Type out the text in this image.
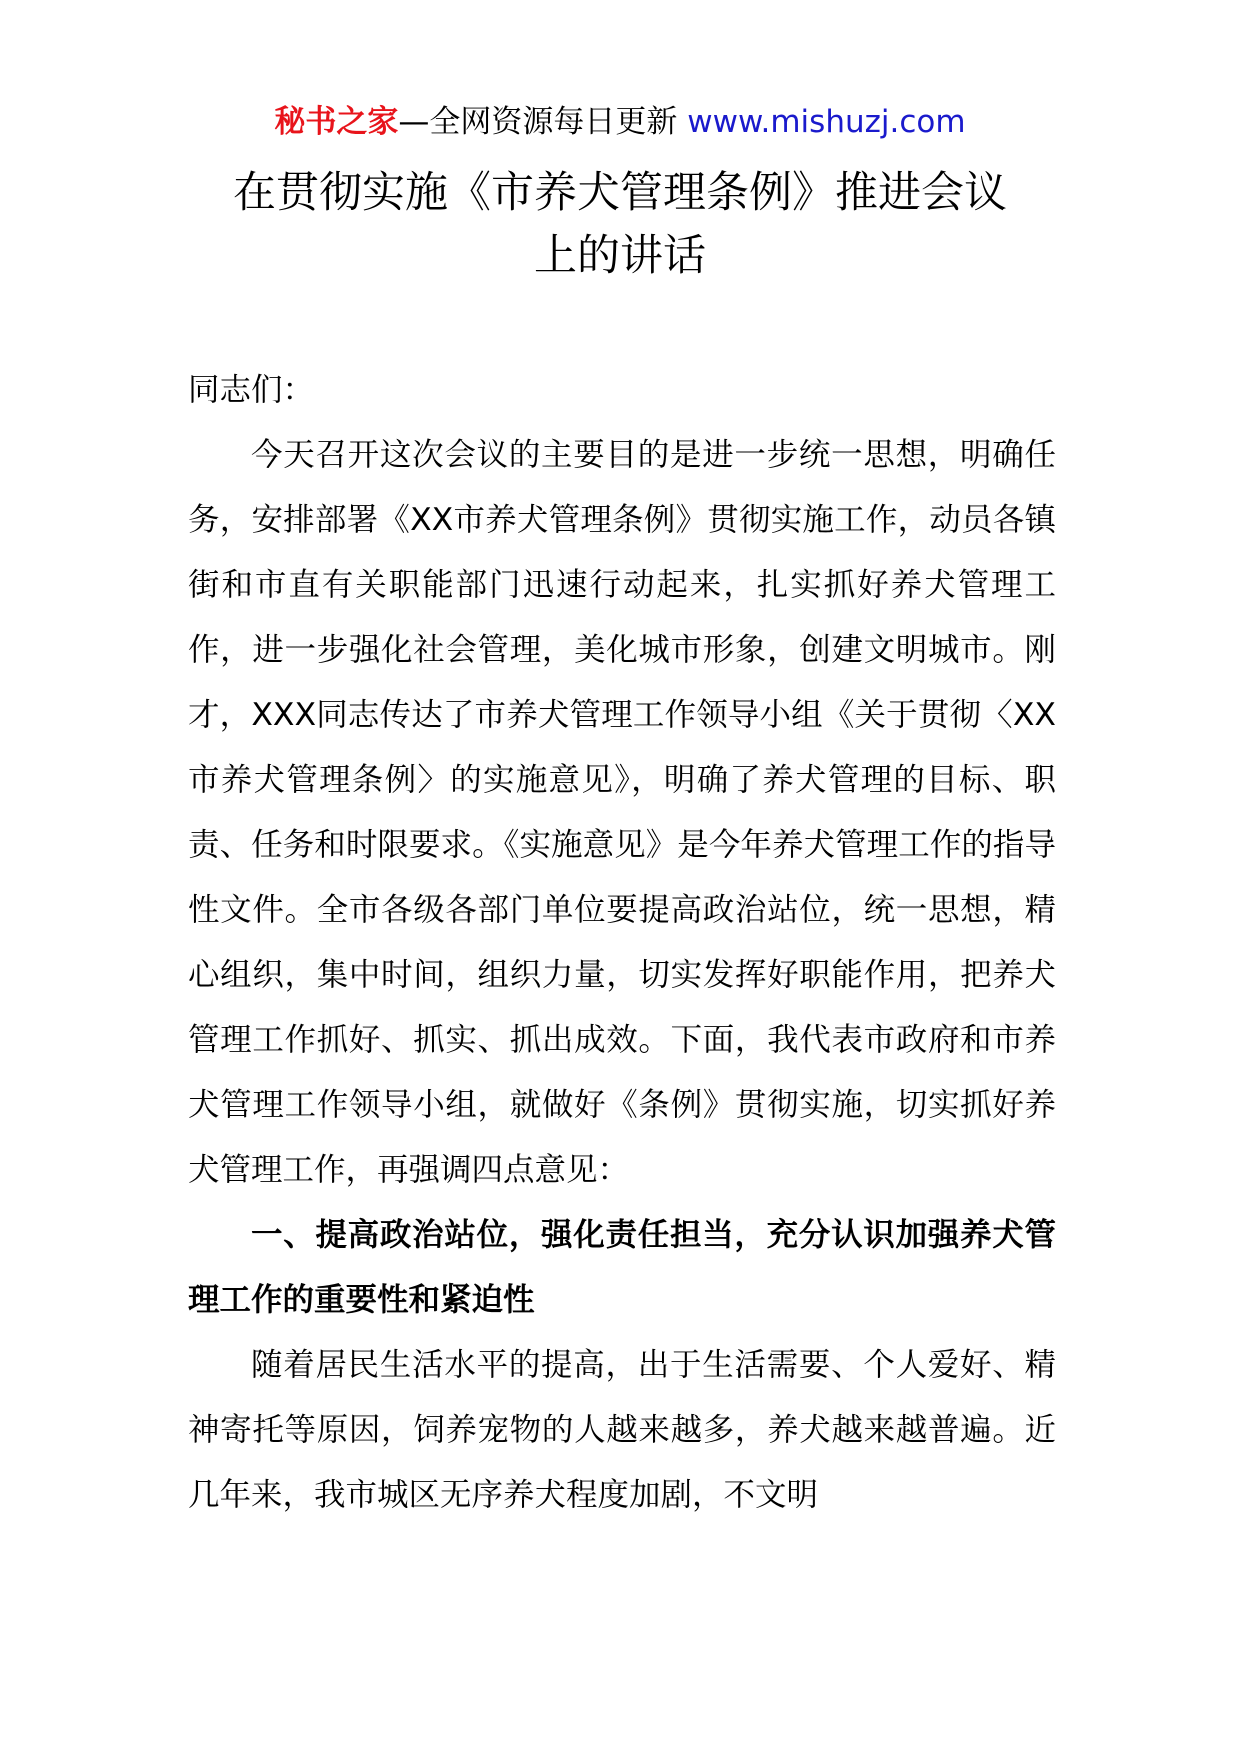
秘书之家—全网资源每日更新 www.mishuzj.com
在贯彻实施《市养犬管理条例》推进会议
上的讲话

同志们：

今天召开这次会议的主要目的是进一步统一思想，明确任务，安排部署《XX市养犬管理条例》贯彻实施工作，动员各镇街和市直有关职能部门迅速行动起来，扎实抓好养犬管理工作，进一步强化社会管理，美化城市形象，创建文明城市。刚才，XXX同志传达了市养犬管理工作领导小组《关于贯彻〈XX市养犬管理条例〉的实施意见》，明确了养犬管理的目标、职责、任务和时限要求。《实施意见》是今年养犬管理工作的指导性文件。全市各级各部门单位要提高政治站位，统一思想，精心组织，集中时间，组织力量，切实发挥好职能作用，把养犬管理工作抓好、抓实、抓出成效。下面，我代表市政府和市养犬管理工作领导小组，就做好《条例》贯彻实施，切实抓好养犬管理工作，再强调四点意见：

一、提高政治站位，强化责任担当，充分认识加强养犬管理工作的重要性和紧迫性

随着居民生活水平的提高，出于生活需要、个人爱好、精神寄托等原因，饲养宠物的人越来越多，养犬越来越普遍。近几年来，我市城区无序养犬程度加剧，不文明
